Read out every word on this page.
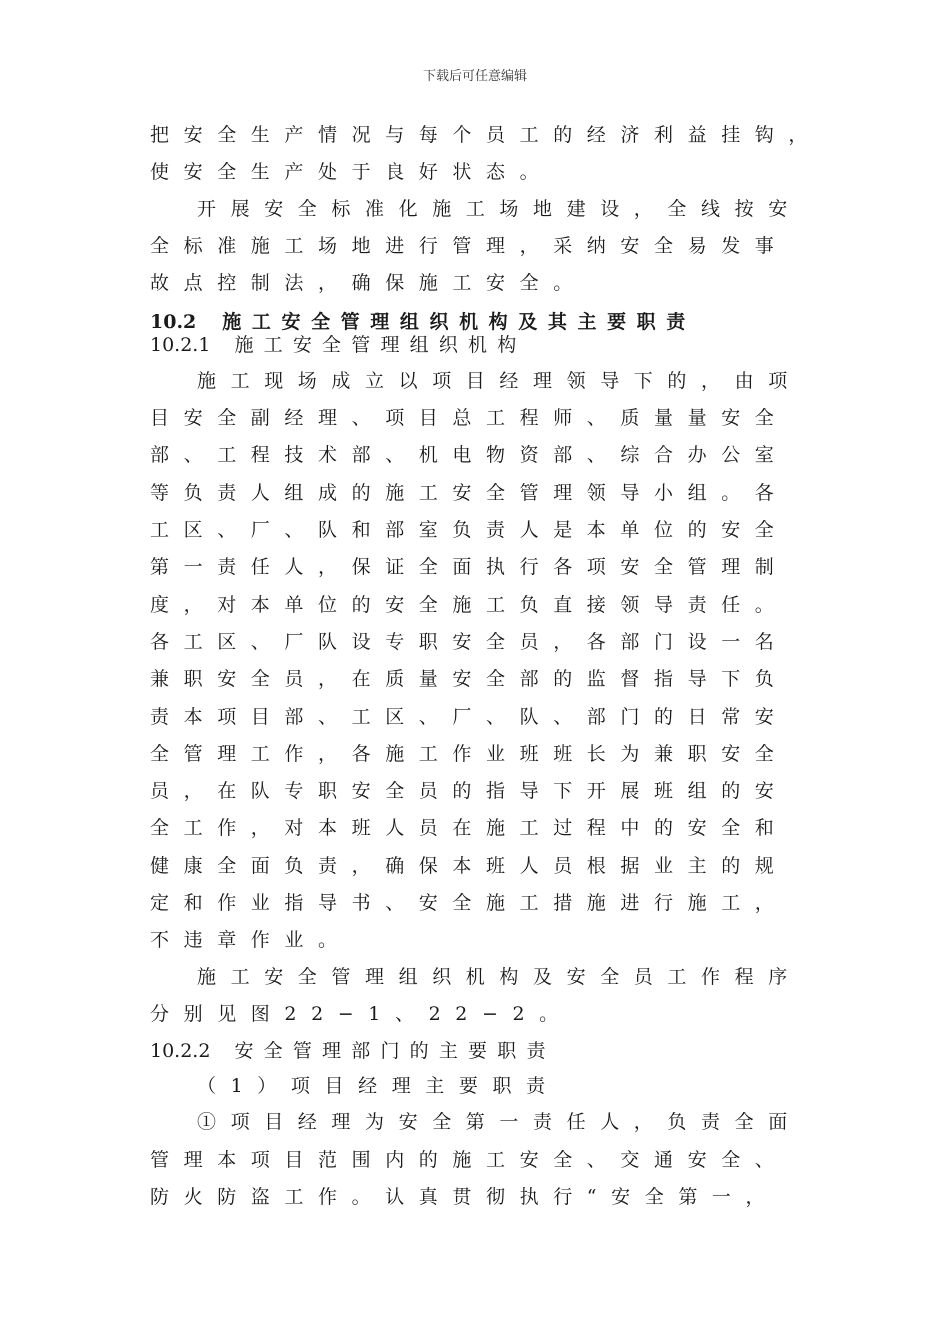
下载后可任意编辑
把安全生产情况与每个员工的经济利益挂钩，
使安全生产处于良好状态。
开展安全标准化施工场地建设，全线按安
全标准施工场地进行管理，采纳安全易发事
故点控制法，确保施工安全。
10.2 施工安全管理组织机构及其主要职责
10.2.1 施工安全管理组织机构
施工现场成立以项目经理领导下的，由项
目安全副经理、项目总工程师、质量量安全
部、工程技术部、机电物资部、综合办公室
等负责人组成的施工安全管理领导小组。各
工区、厂、队和部室负责人是本单位的安全
第一责任人，保证全面执行各项安全管理制
度，对本单位的安全施工负直接领导责任。
各工区、厂队设专职安全员，各部门设一名
兼职安全员，在质量安全部的监督指导下负
责本项目部、工区、厂、队、部门的日常安
全管理工作，各施工作业班班长为兼职安全
员，在队专职安全员的指导下开展班组的安
全工作，对本班人员在施工过程中的安全和
健康全面负责，确保本班人员根据业主的规
定和作业指导书、安全施工措施进行施工，
不违章作业。
施工安全管理组织机构及安全员工作程序
分别见图22−1、22−2。
10.2.2 安全管理部门的主要职责
（1）项目经理主要职责
①项目经理为安全第一责任人，负责全面
管理本项目范围内的施工安全、交通安全、
防火防盗工作。认真贯彻执行“安全第一，
